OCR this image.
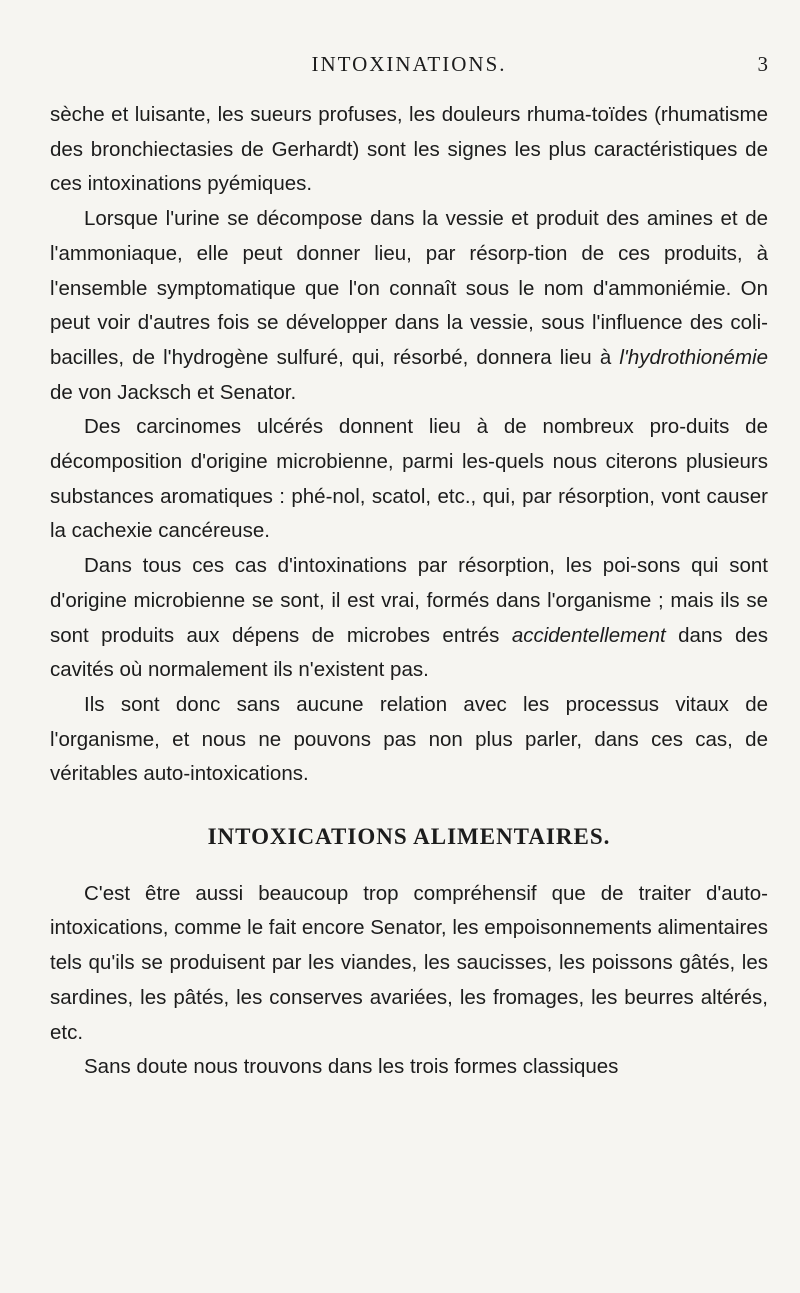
INTOXINATIONS.	3

sèche et luisante, les sueurs profuses, les douleurs rhuma-toïdes (rhumatisme des bronchiectasies de Gerhardt) sont les signes les plus caractéristiques de ces intoxinations pyémiques.

Lorsque l'urine se décompose dans la vessie et produit des amines et de l'ammoniaque, elle peut donner lieu, par résorp-tion de ces produits, à l'ensemble symptomatique que l'on connaît sous le nom d'ammoniémie. On peut voir d'autres fois se développer dans la vessie, sous l'influence des coli-bacilles, de l'hydrogène sulfuré, qui, résorbé, donnera lieu à l'hydrothionémie de von Jacksch et Senator.

Des carcinomes ulcérés donnent lieu à de nombreux pro-duits de décomposition d'origine microbienne, parmi les-quels nous citerons plusieurs substances aromatiques : phé-nol, scatol, etc., qui, par résorption, vont causer la cachexie cancéreuse.

Dans tous ces cas d'intoxinations par résorption, les poi-sons qui sont d'origine microbienne se sont, il est vrai, formés dans l'organisme ; mais ils se sont produits aux dépens de microbes entrés accidentellement dans des cavités où normalement ils n'existent pas.

Ils sont donc sans aucune relation avec les processus vitaux de l'organisme, et nous ne pouvons pas non plus parler, dans ces cas, de véritables auto-intoxications.

INTOXICATIONS ALIMENTAIRES.

C'est être aussi beaucoup trop compréhensif que de traiter d'auto-intoxications, comme le fait encore Senator, les empoisonnements alimentaires tels qu'ils se produisent par les viandes, les saucisses, les poissons gâtés, les sardines, les pâtés, les conserves avariées, les fromages, les beurres altérés, etc.

Sans doute nous trouvons dans les trois formes classiques
